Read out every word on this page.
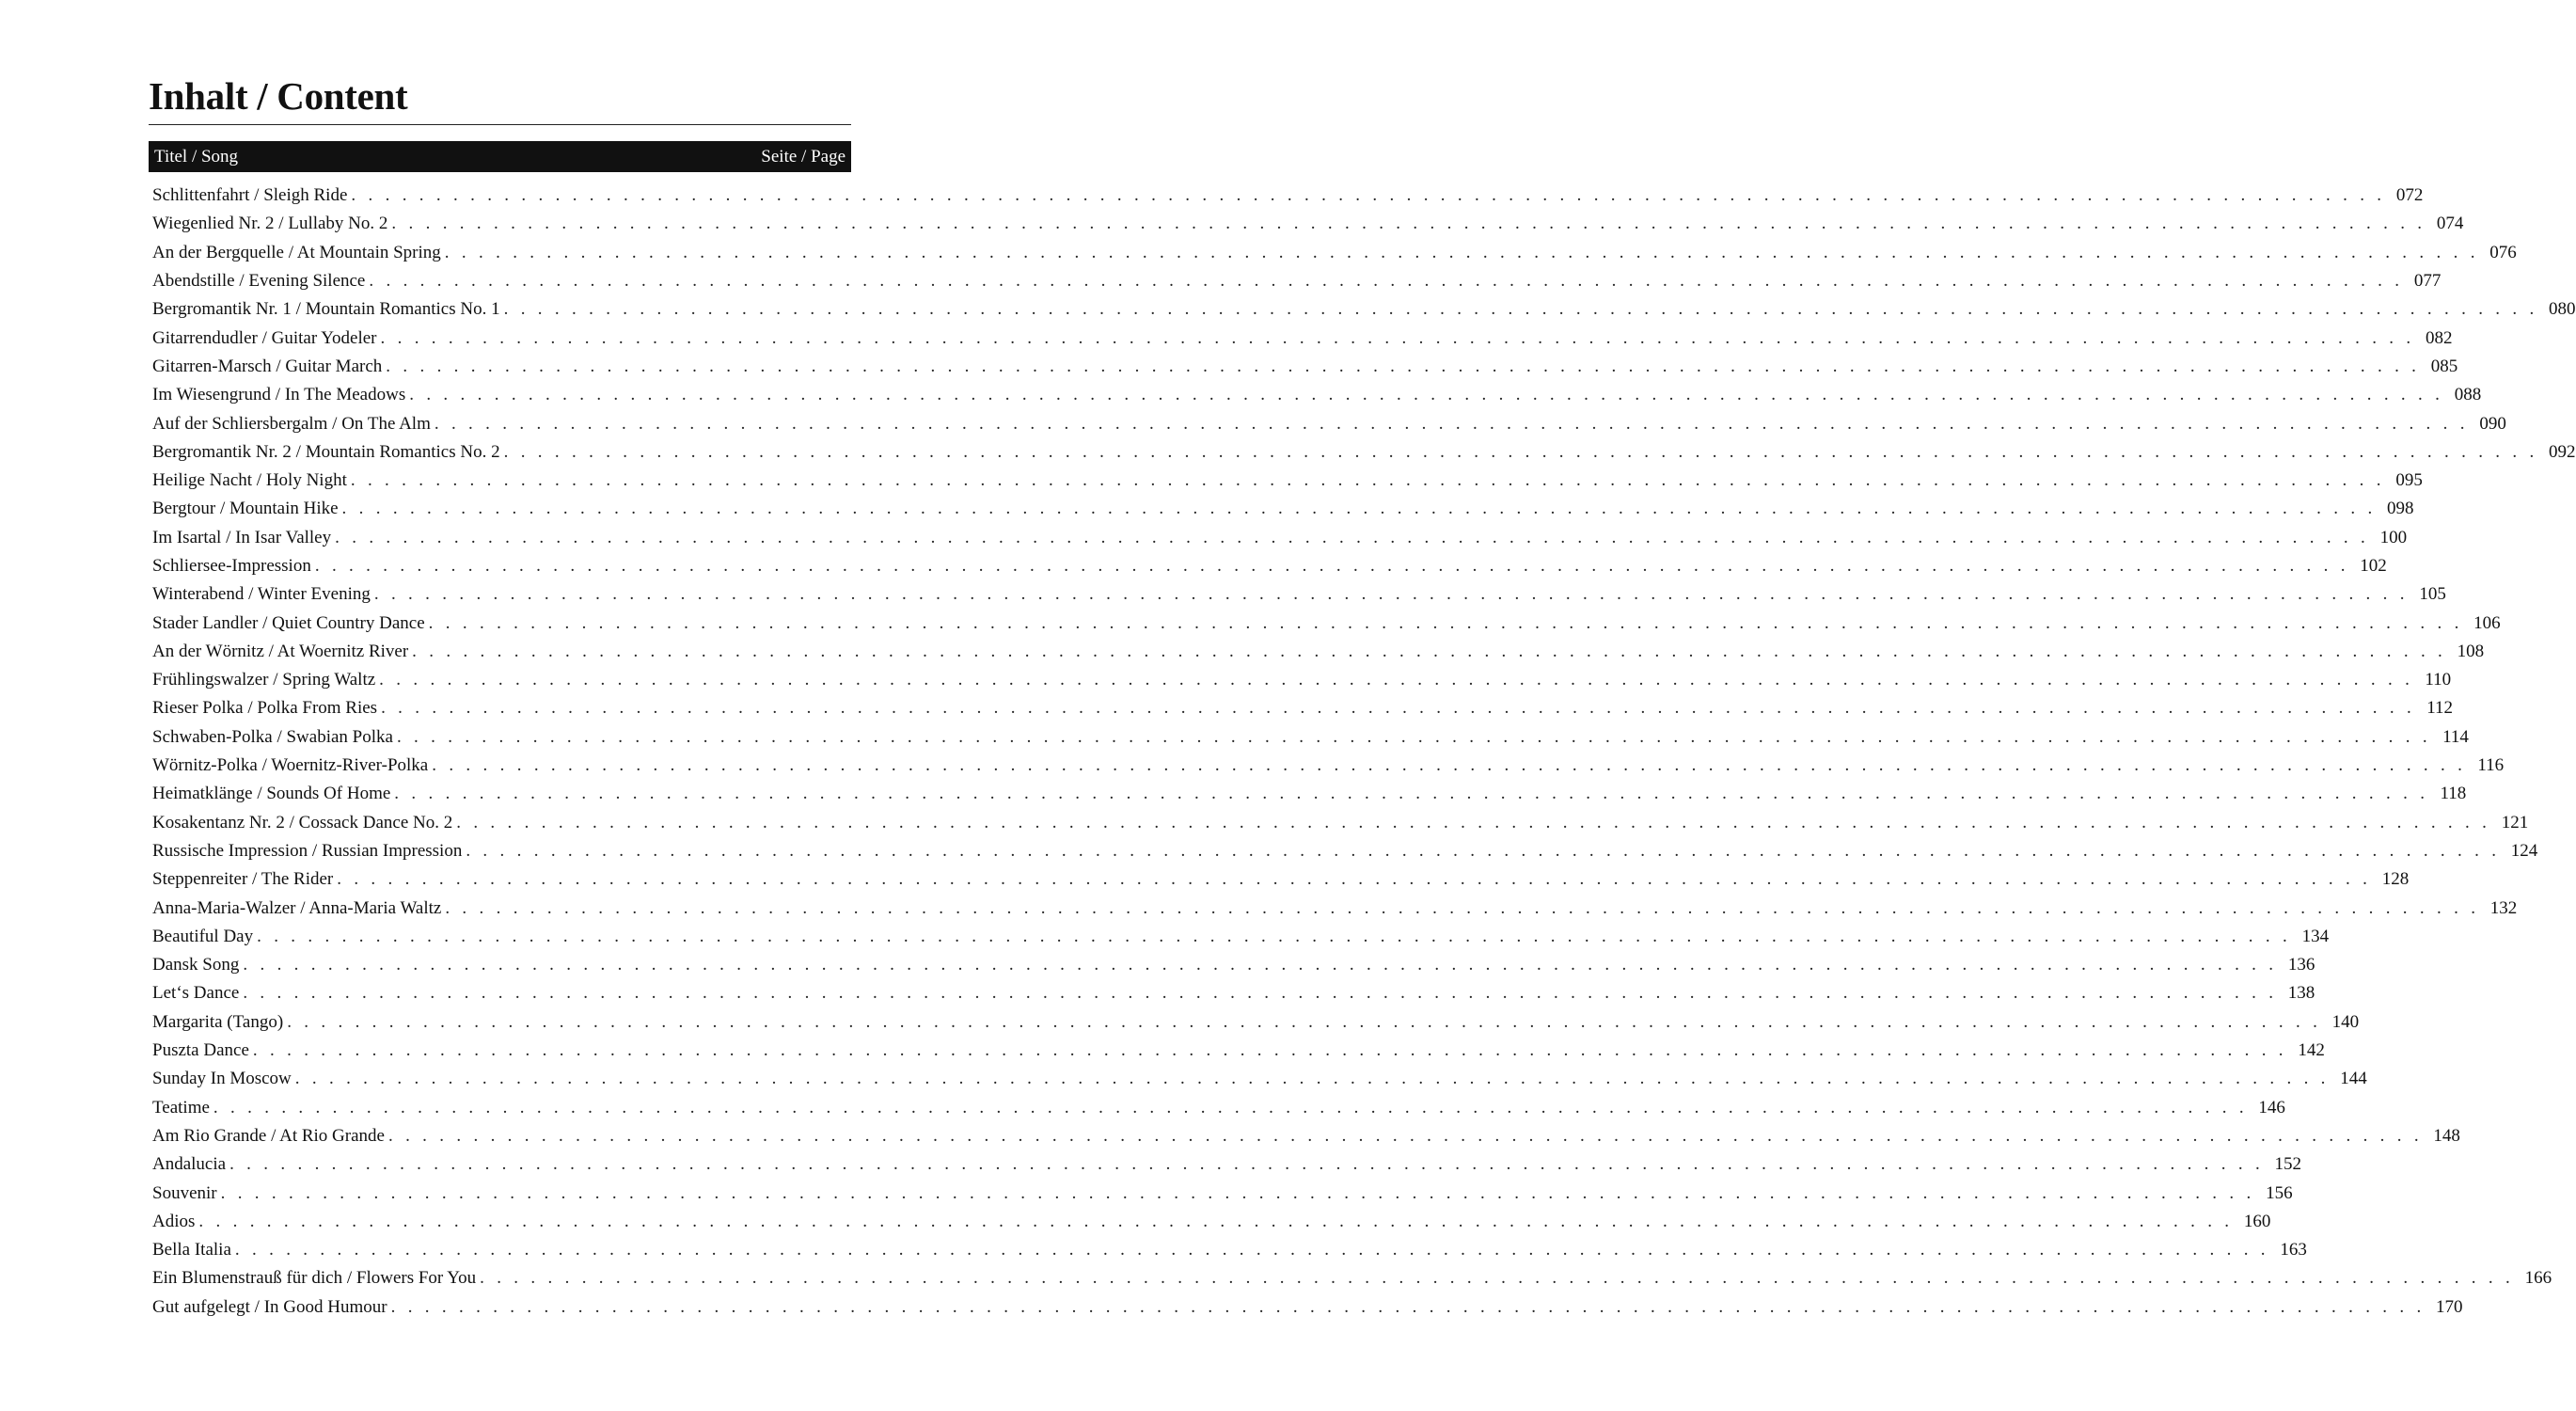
Inhalt / Content
Titel / Song	Seite / Page
Schlittenfahrt / Sleigh Ride . . . . . . . . . . . . . . . . . . . . . . . . . . . . . . . . . . . . . . . . . . . . . . . . . . . . . . . . . . . . . . . . . . . . . . . . . . . . . . . . . . . . . . . . . . . . . . . . . . . . . . . . . . . . . . . . . . . . . . . . 072
Wiegenlied Nr. 2 / Lullaby No. 2 . . . . . . . . . . . . . . . . . . . . . . . . . . . . . . . . . . . . . . . . . . . . . . . . . . . . . . . . . . . . . . . . . . . . . . . . . . . . . . . . . . . . . . . . . . . . . . . . . . . . . . . . . . . . . . . . . . . . . . . . 074
An der Bergquelle / At Mountain Spring . . . . . . . . . . . . . . . . . . . . . . . . . . . . . . . . . . . . . . . . . . . . . . . . . . . . . . . . . . . . . . . . . . . . . . . . . . . . . . . . . . . . . . . . . . . . . . . . . . . . . . . . . . . . . . . . . . . . . . . . 076
Abendstille / Evening Silence . . . . . . . . . . . . . . . . . . . . . . . . . . . . . . . . . . . . . . . . . . . . . . . . . . . . . . . . . . . . . . . . . . . . . . . . . . . . . . . . . . . . . . . . . . . . . . . . . . . . . . . . . . . . . . . . . . . . . . . . 077
Bergromantik Nr. 1 / Mountain Romantics No. 1 . . . . . . . . . . . . . . . . . . . . . . . . . . . . . . . . . . . . . . . . . . . . . . . . . . . . . . . . . . . . . . . . . . . . . . . . . . . . . . . . . . . . . . . . . . . . . . . . . . . . . . . . . . . . . . . . . . . . . . . . 080
Gitarrendudler / Guitar Yodeler . . . . . . . . . . . . . . . . . . . . . . . . . . . . . . . . . . . . . . . . . . . . . . . . . . . . . . . . . . . . . . . . . . . . . . . . . . . . . . . . . . . . . . . . . . . . . . . . . . . . . . . . . . . . . . . . . . . . . . . . 082
Gitarren-Marsch / Guitar March . . . . . . . . . . . . . . . . . . . . . . . . . . . . . . . . . . . . . . . . . . . . . . . . . . . . . . . . . . . . . . . . . . . . . . . . . . . . . . . . . . . . . . . . . . . . . . . . . . . . . . . . . . . . . . . . . . . . . . . . 085
Im Wiesengrund / In The Meadows . . . . . . . . . . . . . . . . . . . . . . . . . . . . . . . . . . . . . . . . . . . . . . . . . . . . . . . . . . . . . . . . . . . . . . . . . . . . . . . . . . . . . . . . . . . . . . . . . . . . . . . . . . . . . . . . . . . . . . . . 088
Auf der Schliersbergalm / On The Alm . . . . . . . . . . . . . . . . . . . . . . . . . . . . . . . . . . . . . . . . . . . . . . . . . . . . . . . . . . . . . . . . . . . . . . . . . . . . . . . . . . . . . . . . . . . . . . . . . . . . . . . . . . . . . . . . . . . . . . . . 090
Bergromantik Nr. 2 / Mountain Romantics No. 2 . . . . . . . . . . . . . . . . . . . . . . . . . . . . . . . . . . . . . . . . . . . . . . . . . . . . . . . . . . . . . . . . . . . . . . . . . . . . . . . . . . . . . . . . . . . . . . . . . . . . . . . . . . . . . . . . . . . . . . . . 092
Heilige Nacht / Holy Night . . . . . . . . . . . . . . . . . . . . . . . . . . . . . . . . . . . . . . . . . . . . . . . . . . . . . . . . . . . . . . . . . . . . . . . . . . . . . . . . . . . . . . . . . . . . . . . . . . . . . . . . . . . . . . . . . . . . . . . . 095
Bergtour / Mountain Hike . . . . . . . . . . . . . . . . . . . . . . . . . . . . . . . . . . . . . . . . . . . . . . . . . . . . . . . . . . . . . . . . . . . . . . . . . . . . . . . . . . . . . . . . . . . . . . . . . . . . . . . . . . . . . . . . . . . . . . . . 098
Im Isartal / In Isar Valley . . . . . . . . . . . . . . . . . . . . . . . . . . . . . . . . . . . . . . . . . . . . . . . . . . . . . . . . . . . . . . . . . . . . . . . . . . . . . . . . . . . . . . . . . . . . . . . . . . . . . . . . . . . . . . . . . . . . . . . . 100
Schliersee-Impression . . . . . . . . . . . . . . . . . . . . . . . . . . . . . . . . . . . . . . . . . . . . . . . . . . . . . . . . . . . . . . . . . . . . . . . . . . . . . . . . . . . . . . . . . . . . . . . . . . . . . . . . . . . . . . . . . . . . . . . . 102
Winterabend / Winter Evening . . . . . . . . . . . . . . . . . . . . . . . . . . . . . . . . . . . . . . . . . . . . . . . . . . . . . . . . . . . . . . . . . . . . . . . . . . . . . . . . . . . . . . . . . . . . . . . . . . . . . . . . . . . . . . . . . . . . . . . . 105
Stader Landler / Quiet Country Dance . . . . . . . . . . . . . . . . . . . . . . . . . . . . . . . . . . . . . . . . . . . . . . . . . . . . . . . . . . . . . . . . . . . . . . . . . . . . . . . . . . . . . . . . . . . . . . . . . . . . . . . . . . . . . . . . . . . . . . . . 106
An der Wörnitz / At Woernitz River . . . . . . . . . . . . . . . . . . . . . . . . . . . . . . . . . . . . . . . . . . . . . . . . . . . . . . . . . . . . . . . . . . . . . . . . . . . . . . . . . . . . . . . . . . . . . . . . . . . . . . . . . . . . . . . . . . . . . . . . 108
Frühlingswalzer / Spring Waltz . . . . . . . . . . . . . . . . . . . . . . . . . . . . . . . . . . . . . . . . . . . . . . . . . . . . . . . . . . . . . . . . . . . . . . . . . . . . . . . . . . . . . . . . . . . . . . . . . . . . . . . . . . . . . . . . . . . . . . . . 110
Rieser Polka / Polka From Ries . . . . . . . . . . . . . . . . . . . . . . . . . . . . . . . . . . . . . . . . . . . . . . . . . . . . . . . . . . . . . . . . . . . . . . . . . . . . . . . . . . . . . . . . . . . . . . . . . . . . . . . . . . . . . . . . . . . . . . . . 112
Schwaben-Polka / Swabian Polka . . . . . . . . . . . . . . . . . . . . . . . . . . . . . . . . . . . . . . . . . . . . . . . . . . . . . . . . . . . . . . . . . . . . . . . . . . . . . . . . . . . . . . . . . . . . . . . . . . . . . . . . . . . . . . . . . . . . . . . . 114
Wörnitz-Polka / Woernitz-River-Polka . . . . . . . . . . . . . . . . . . . . . . . . . . . . . . . . . . . . . . . . . . . . . . . . . . . . . . . . . . . . . . . . . . . . . . . . . . . . . . . . . . . . . . . . . . . . . . . . . . . . . . . . . . . . . . . . . . . . . . . . 116
Heimatklänge / Sounds Of Home . . . . . . . . . . . . . . . . . . . . . . . . . . . . . . . . . . . . . . . . . . . . . . . . . . . . . . . . . . . . . . . . . . . . . . . . . . . . . . . . . . . . . . . . . . . . . . . . . . . . . . . . . . . . . . . . . . . . . . . . 118
Kosakentanz Nr. 2 / Cossack Dance No. 2 . . . . . . . . . . . . . . . . . . . . . . . . . . . . . . . . . . . . . . . . . . . . . . . . . . . . . . . . . . . . . . . . . . . . . . . . . . . . . . . . . . . . . . . . . . . . . . . . . . . . . . . . . . . . . . . . . . . . . . . . 121
Russische Impression / Russian Impression . . . . . . . . . . . . . . . . . . . . . . . . . . . . . . . . . . . . . . . . . . . . . . . . . . . . . . . . . . . . . . . . . . . . . . . . . . . . . . . . . . . . . . . . . . . . . . . . . . . . . . . . . . . . . . . . . . . . . . . . 124
Steppenreiter / The Rider . . . . . . . . . . . . . . . . . . . . . . . . . . . . . . . . . . . . . . . . . . . . . . . . . . . . . . . . . . . . . . . . . . . . . . . . . . . . . . . . . . . . . . . . . . . . . . . . . . . . . . . . . . . . . . . . . . . . . . . . 128
Anna-Maria-Walzer / Anna-Maria Waltz . . . . . . . . . . . . . . . . . . . . . . . . . . . . . . . . . . . . . . . . . . . . . . . . . . . . . . . . . . . . . . . . . . . . . . . . . . . . . . . . . . . . . . . . . . . . . . . . . . . . . . . . . . . . . . . . . . . . . . . . 132
Beautiful Day . . . . . . . . . . . . . . . . . . . . . . . . . . . . . . . . . . . . . . . . . . . . . . . . . . . . . . . . . . . . . . . . . . . . . . . . . . . . . . . . . . . . . . . . . . . . . . . . . . . . . . . . . . . . . . . . . . . . . . . . 134
Dansk Song . . . . . . . . . . . . . . . . . . . . . . . . . . . . . . . . . . . . . . . . . . . . . . . . . . . . . . . . . . . . . . . . . . . . . . . . . . . . . . . . . . . . . . . . . . . . . . . . . . . . . . . . . . . . . . . . . . . . . . . . 136
Let‘s Dance . . . . . . . . . . . . . . . . . . . . . . . . . . . . . . . . . . . . . . . . . . . . . . . . . . . . . . . . . . . . . . . . . . . . . . . . . . . . . . . . . . . . . . . . . . . . . . . . . . . . . . . . . . . . . . . . . . . . . . . . 138
Margarita (Tango) . . . . . . . . . . . . . . . . . . . . . . . . . . . . . . . . . . . . . . . . . . . . . . . . . . . . . . . . . . . . . . . . . . . . . . . . . . . . . . . . . . . . . . . . . . . . . . . . . . . . . . . . . . . . . . . . . . . . . . . . 140
Puszta Dance . . . . . . . . . . . . . . . . . . . . . . . . . . . . . . . . . . . . . . . . . . . . . . . . . . . . . . . . . . . . . . . . . . . . . . . . . . . . . . . . . . . . . . . . . . . . . . . . . . . . . . . . . . . . . . . . . . . . . . . . 142
Sunday In Moscow . . . . . . . . . . . . . . . . . . . . . . . . . . . . . . . . . . . . . . . . . . . . . . . . . . . . . . . . . . . . . . . . . . . . . . . . . . . . . . . . . . . . . . . . . . . . . . . . . . . . . . . . . . . . . . . . . . . . . . . . 144
Teatime . . . . . . . . . . . . . . . . . . . . . . . . . . . . . . . . . . . . . . . . . . . . . . . . . . . . . . . . . . . . . . . . . . . . . . . . . . . . . . . . . . . . . . . . . . . . . . . . . . . . . . . . . . . . . . . . . . . . . . . . 146
Am Rio Grande / At Rio Grande . . . . . . . . . . . . . . . . . . . . . . . . . . . . . . . . . . . . . . . . . . . . . . . . . . . . . . . . . . . . . . . . . . . . . . . . . . . . . . . . . . . . . . . . . . . . . . . . . . . . . . . . . . . . . . . . . . . . . . . . 148
Andalucia . . . . . . . . . . . . . . . . . . . . . . . . . . . . . . . . . . . . . . . . . . . . . . . . . . . . . . . . . . . . . . . . . . . . . . . . . . . . . . . . . . . . . . . . . . . . . . . . . . . . . . . . . . . . . . . . . . . . . . . . 152
Souvenir . . . . . . . . . . . . . . . . . . . . . . . . . . . . . . . . . . . . . . . . . . . . . . . . . . . . . . . . . . . . . . . . . . . . . . . . . . . . . . . . . . . . . . . . . . . . . . . . . . . . . . . . . . . . . . . . . . . . . . . . 156
Adios . . . . . . . . . . . . . . . . . . . . . . . . . . . . . . . . . . . . . . . . . . . . . . . . . . . . . . . . . . . . . . . . . . . . . . . . . . . . . . . . . . . . . . . . . . . . . . . . . . . . . . . . . . . . . . . . . . . . . . . . 160
Bella Italia . . . . . . . . . . . . . . . . . . . . . . . . . . . . . . . . . . . . . . . . . . . . . . . . . . . . . . . . . . . . . . . . . . . . . . . . . . . . . . . . . . . . . . . . . . . . . . . . . . . . . . . . . . . . . . . . . . . . . . . . 163
Ein Blumenstrauß für dich / Flowers For You . . . . . . . . . . . . . . . . . . . . . . . . . . . . . . . . . . . . . . . . . . . . . . . . . . . . . . . . . . . . . . . . . . . . . . . . . . . . . . . . . . . . . . . . . . . . . . . . . . . . . . . . . . . . . . . . . . . . . . . . 166
Gut aufgelegt / In Good Humour . . . . . . . . . . . . . . . . . . . . . . . . . . . . . . . . . . . . . . . . . . . . . . . . . . . . . . . . . . . . . . . . . . . . . . . . . . . . . . . . . . . . . . . . . . . . . . . . . . . . . . . . . . . . . . . . . . . . . . . . 170
